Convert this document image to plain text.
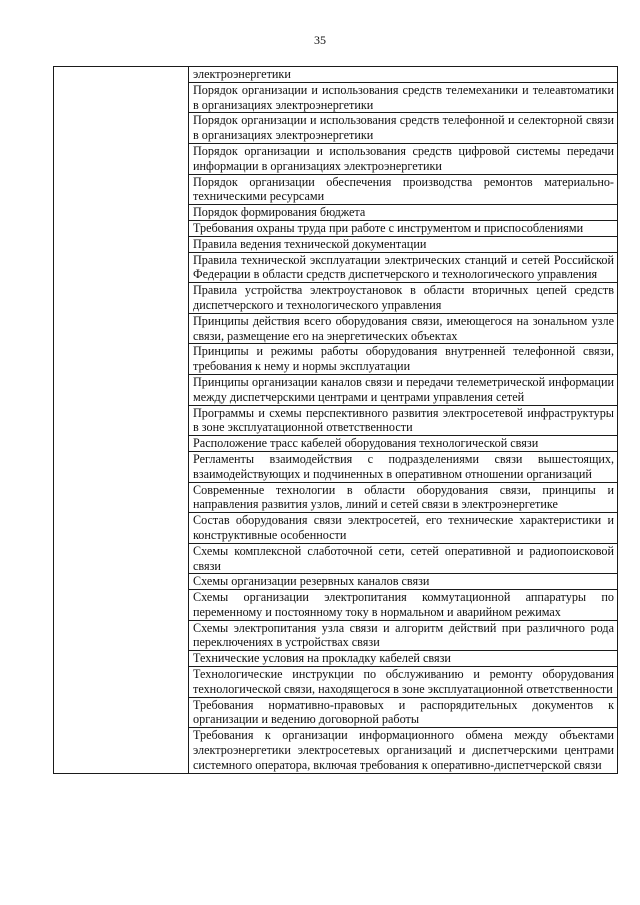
35
	электроэнергетики
Порядок организации и использования средств телемеханики и телеавтоматики в организациях электроэнергетики
Порядок организации и использования средств телефонной и селекторной связи в организациях электроэнергетики
Порядок организации и использования средств цифровой системы передачи информации в организациях электроэнергетики
Порядок организации обеспечения производства ремонтов материально-техническими ресурсами
Порядок формирования бюджета
Требования охраны труда при работе с инструментом и приспособлениями
Правила ведения технической документации
Правила технической эксплуатации электрических станций и сетей Российской Федерации в области средств диспетчерского и технологического управления
Правила устройства электроустановок в области вторичных цепей средств диспетчерского и технологического управления
Принципы действия всего оборудования связи, имеющегося на зональном узле связи, размещение его на энергетических объектах
Принципы и режимы работы оборудования внутренней телефонной связи, требования к нему и нормы эксплуатации
Принципы организации каналов связи и передачи телеметрической информации между диспетчерскими центрами и центрами управления сетей
Программы и схемы перспективного развития электросетевой инфраструктуры в зоне эксплуатационной ответственности
Расположение трасс кабелей оборудования технологической связи
Регламенты взаимодействия с подразделениями связи вышестоящих, взаимодействующих и подчиненных в оперативном отношении организаций
Современные технологии в области оборудования связи, принципы и направления развития узлов, линий и сетей связи в электроэнергетике
Состав оборудования связи электросетей, его технические характеристики и конструктивные особенности
Схемы комплексной слаботочной сети, сетей оперативной и радиопоисковой связи
Схемы организации резервных каналов связи
Схемы организации электропитания коммутационной аппаратуры по переменному и постоянному току в нормальном и аварийном режимах
Схемы электропитания узла связи и алгоритм действий при различного рода переключениях в устройствах связи
Технические условия на прокладку кабелей связи
Технологические инструкции по обслуживанию и ремонту оборудования технологической связи, находящегося в зоне эксплуатационной ответственности
Требования нормативно-правовых и распорядительных документов к организации и ведению договорной работы
Требования к организации информационного обмена между объектами электроэнергетики электросетевых организаций и диспетчерскими центрами системного оператора, включая требования к оперативно-диспетчерской связи
